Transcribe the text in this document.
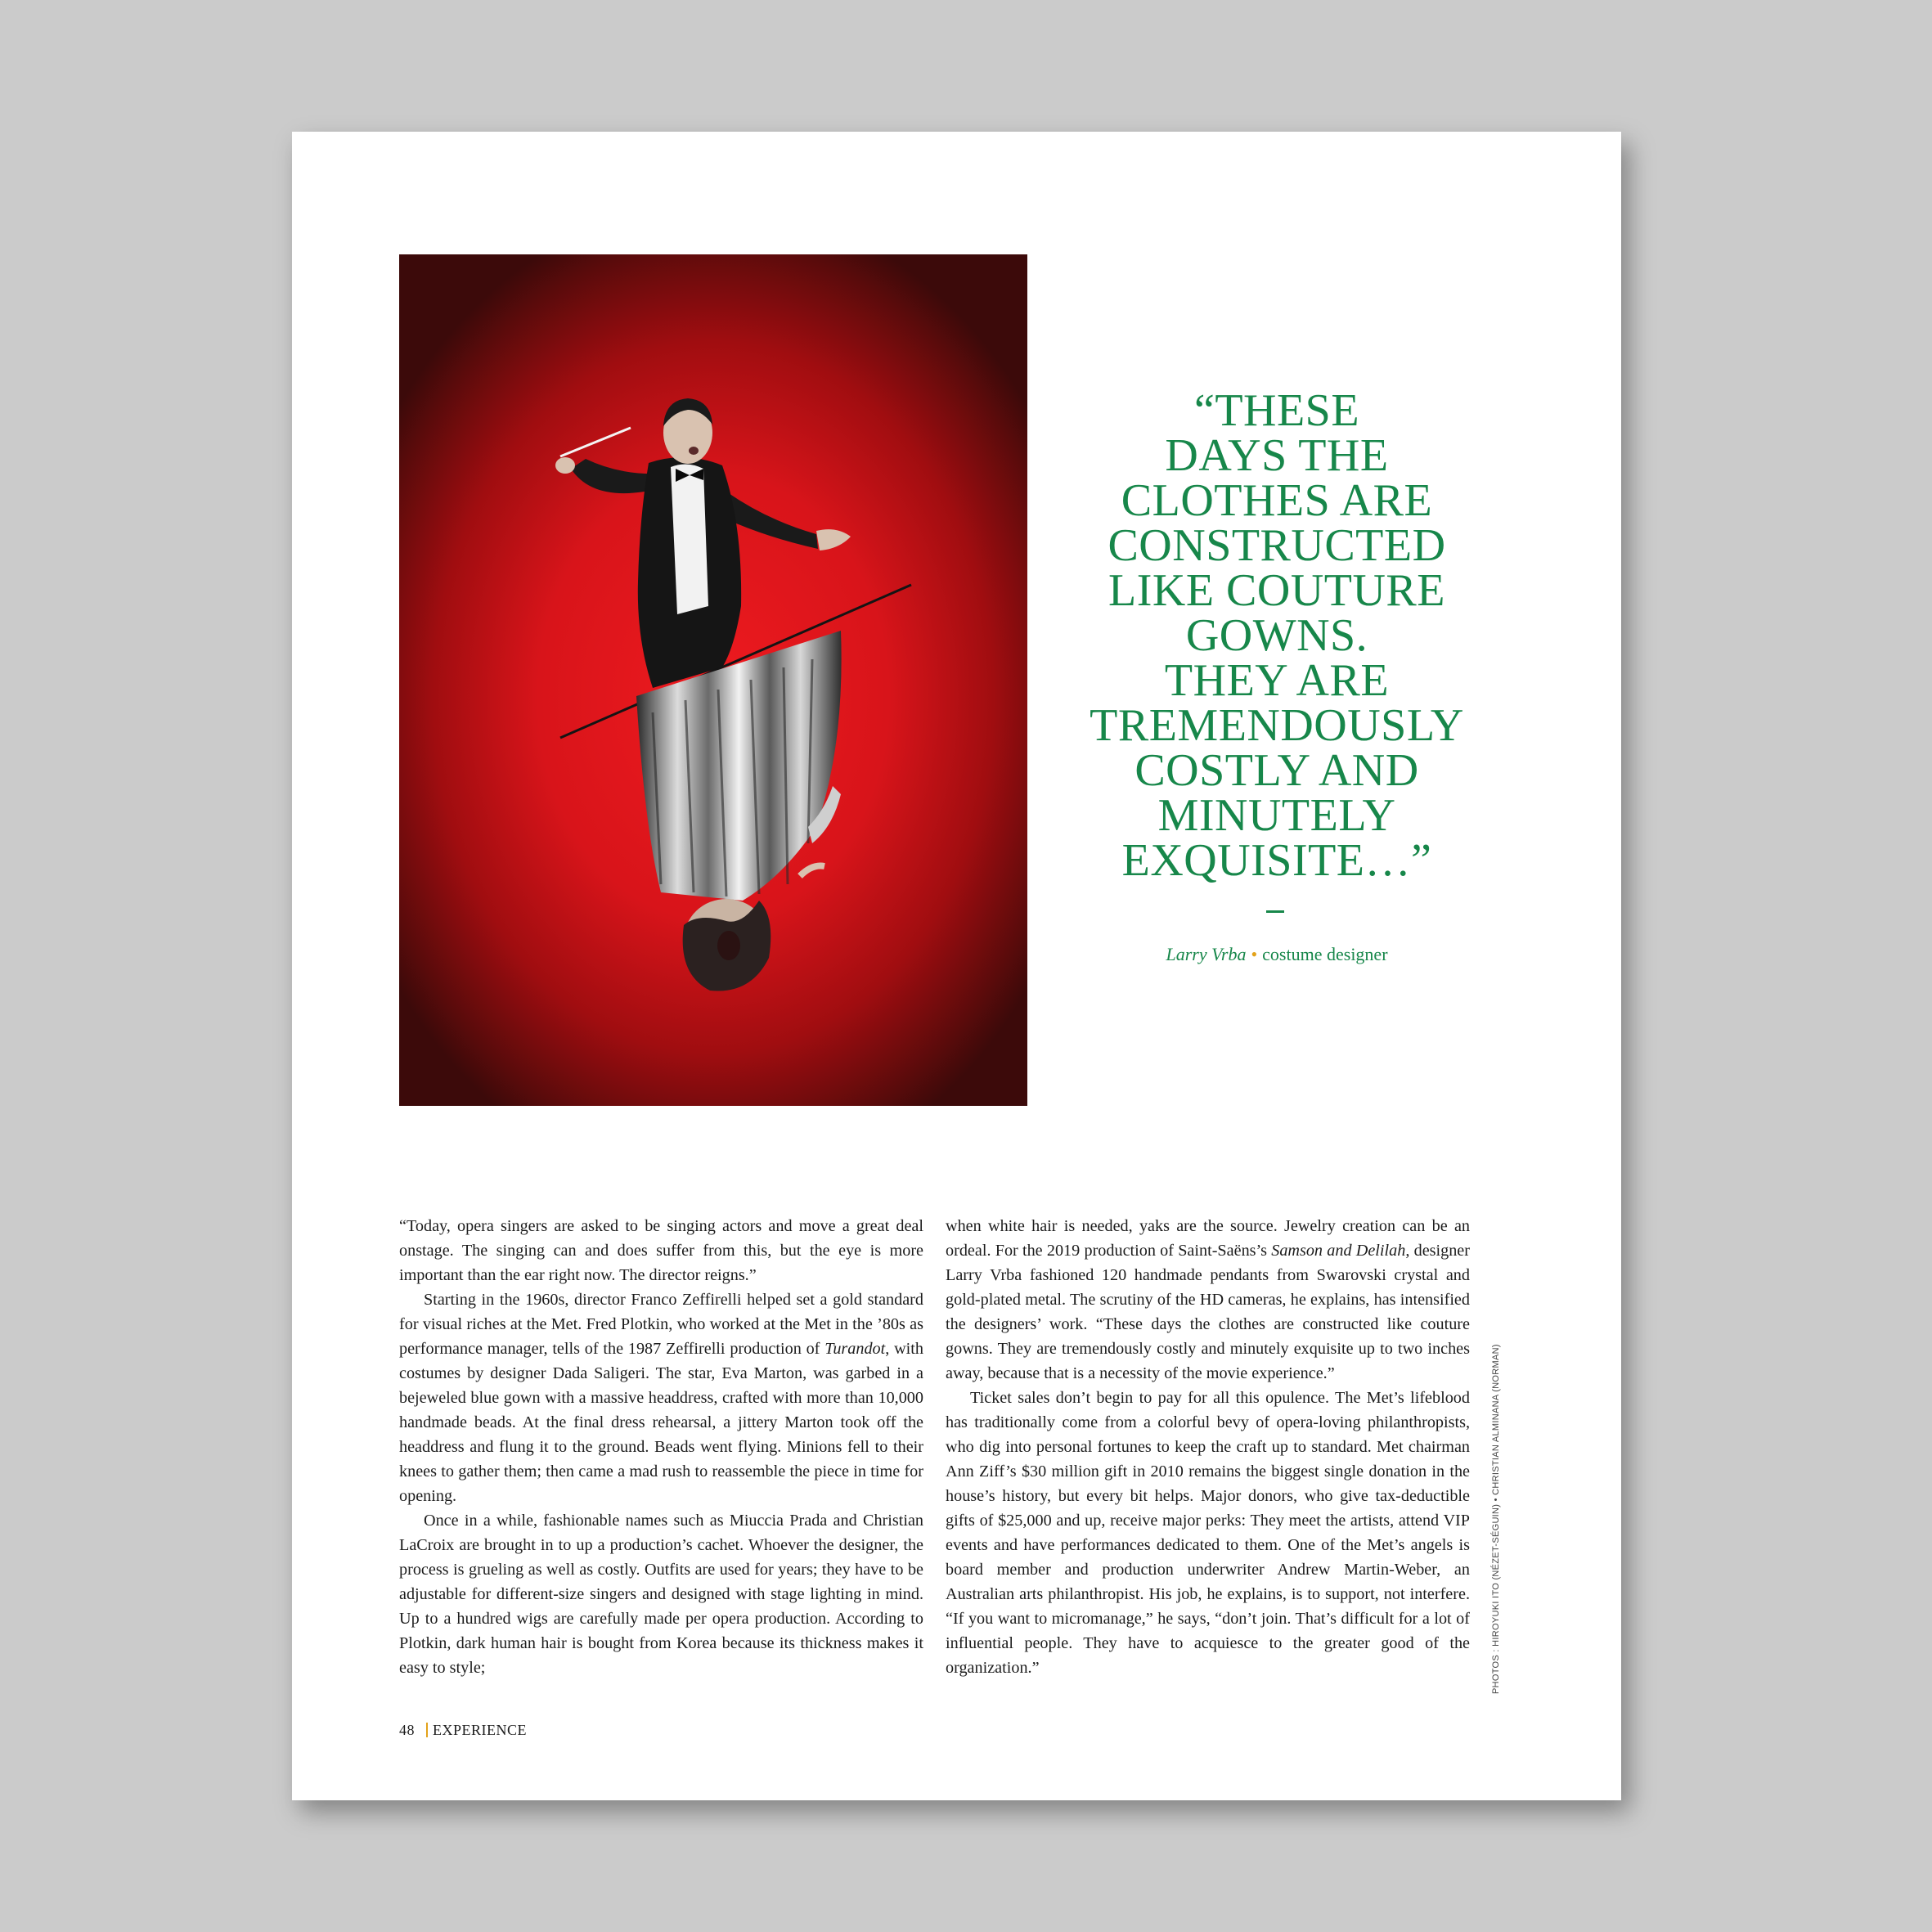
“THESE
DAYS THE
CLOTHES ARE
CONSTRUCTED
LIKE COUTURE
GOWNS.
THEY ARE
TREMENDOUSLY
COSTLY AND
MINUTELY
EXQUISITE…”
Larry Vrba • costume designer

“Today, opera singers are asked to be singing actors and move a great deal onstage. The singing can and does suffer from this, but the eye is more important than the ear right now. The director reigns.”

Starting in the 1960s, director Franco Zeffirelli helped set a gold standard for visual riches at the Met. Fred Plotkin, who worked at the Met in the ’80s as performance manager, tells of the 1987 Zeffirelli production of Turandot, with costumes by designer Dada Saligeri. The star, Eva Marton, was garbed in a bejeweled blue gown with a massive headdress, crafted with more than 10,000 handmade beads. At the final dress rehearsal, a jittery Marton took off the headdress and flung it to the ground. Beads went flying. Minions fell to their knees to gather them; then came a mad rush to reassemble the piece in time for opening.

Once in a while, fashionable names such as Miuccia Prada and Christian LaCroix are brought in to up a production’s cachet. Whoever the designer, the process is grueling as well as costly. Outfits are used for years; they have to be adjustable for different-size singers and designed with stage lighting in mind. Up to a hundred wigs are carefully made per opera production. According to Plotkin, dark human hair is bought from Korea because its thickness makes it easy to style;

when white hair is needed, yaks are the source. Jewelry creation can be an ordeal. For the 2019 production of Saint-Saëns’s Samson and Delilah, designer Larry Vrba fashioned 120 handmade pendants from Swarovski crystal and gold-plated metal. The scrutiny of the HD cameras, he explains, has intensified the designers’ work. “These days the clothes are constructed like couture gowns. They are tremendously costly and minutely exquisite up to two inches away, because that is a necessity of the movie experience.”

Ticket sales don’t begin to pay for all this opulence. The Met’s lifeblood has traditionally come from a colorful bevy of opera-loving philanthropists, who dig into personal fortunes to keep the craft up to standard. Met chairman Ann Ziff’s $30 million gift in 2010 remains the biggest single donation in the house’s history, but every bit helps. Major donors, who give tax-deductible gifts of $25,000 and up, receive major perks: They meet the artists, attend VIP events and have performances dedicated to them. One of the Met’s angels is board member and production underwriter Andrew Martin-Weber, an Australian arts philanthropist. His job, he explains, is to support, not interfere. “If you want to micromanage,” he says, “don’t join. That’s difficult for a lot of influential people. They have to acquiesce to the greater good of the organization.”

48 EXPERIENCE
PHOTOS : HIROYUKI ITO (NÉZET-SÉGUIN) • CHRISTIAN ALMINANA (NORMAN)
